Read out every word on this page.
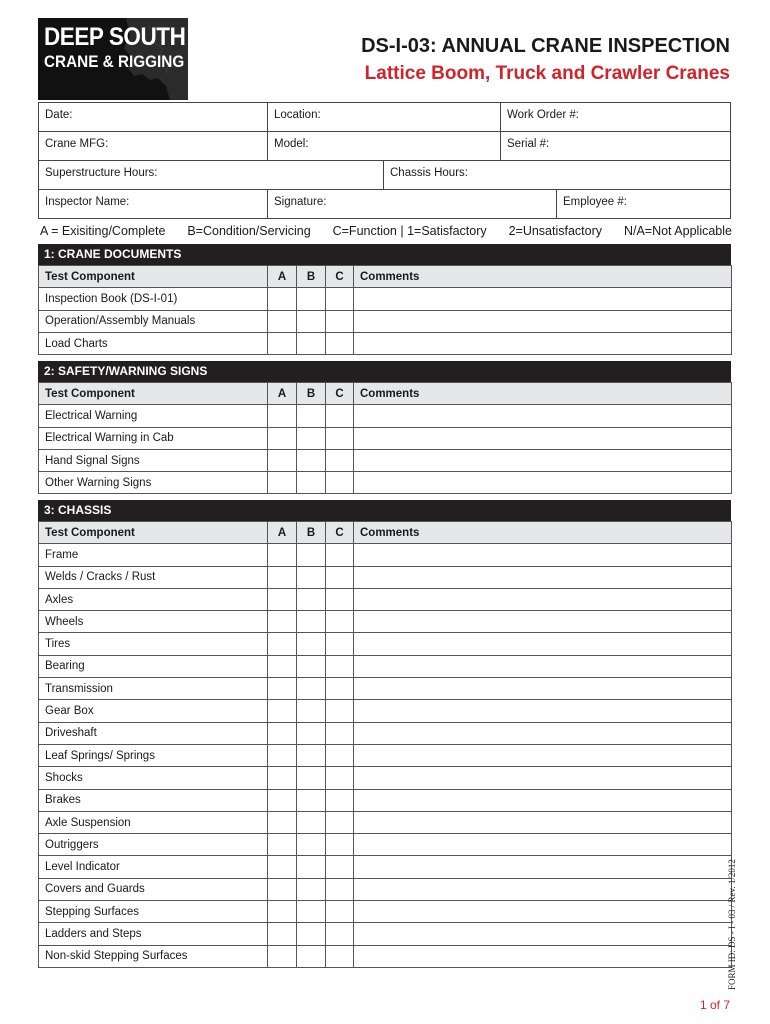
DEEP SOUTH
CRANE & RIGGING
DS-I-03: ANNUAL CRANE INSPECTION
Lattice Boom, Truck and Crawler Cranes
Date:	Location:	Work Order #:
Crane MFG:	Model:	Serial #:
Superstructure Hours:	Chassis Hours:
Inspector Name:	Signature:	Employee #:
A = Exisiting/Complete B=Condition/Servicing C=Function | 1=Satisfactory 2=Unsatisfactory N/A=Not Applicable
1: CRANE DOCUMENTS
Test Component	A	B	C	Comments
Inspection Book (DS-I-01)				
Operation/Assembly Manuals				
Load Charts				
2: SAFETY/WARNING SIGNS
Test Component	A	B	C	Comments
Electrical Warning				
Electrical Warning in Cab				
Hand Signal Signs				
Other Warning Signs				
3: CHASSIS
Test Component	A	B	C	Comments
Frame				
Welds / Cracks / Rust				
Axles				
Wheels				
Tires				
Bearing				
Transmission				
Gear Box				
Driveshaft				
Leaf Springs/ Springs				
Shocks				
Brakes				
Axle Suspension				
Outriggers				
Level Indicator				
Covers and Guards				
Stepping Surfaces				
Ladders and Steps				
Non-skid Stepping Surfaces					FORM ID: DS - I - 03 / Rev. 1/2012
1 of 7
